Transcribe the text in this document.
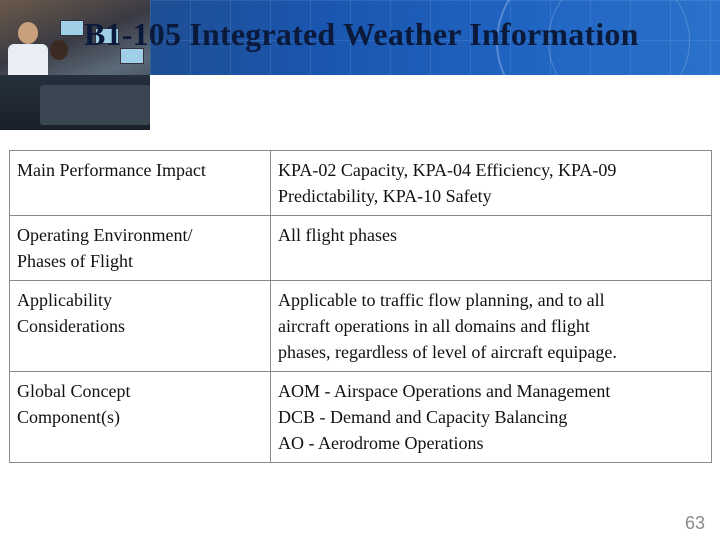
B1-105 Integrated Weather Information
Main Performance Impact	KPA-02 Capacity, KPA-04 Efficiency, KPA-09
Predictability, KPA-10 Safety

Operating Environment/
Phases of Flight	All flight phases

Applicability
Considerations	Applicable to traffic flow planning, and to all
aircraft operations in all domains and flight
phases, regardless of level of aircraft equipage.

Global Concept
Component(s)	AOM - Airspace Operations and Management
DCB - Demand and Capacity Balancing
AO - Aerodrome Operations
63
